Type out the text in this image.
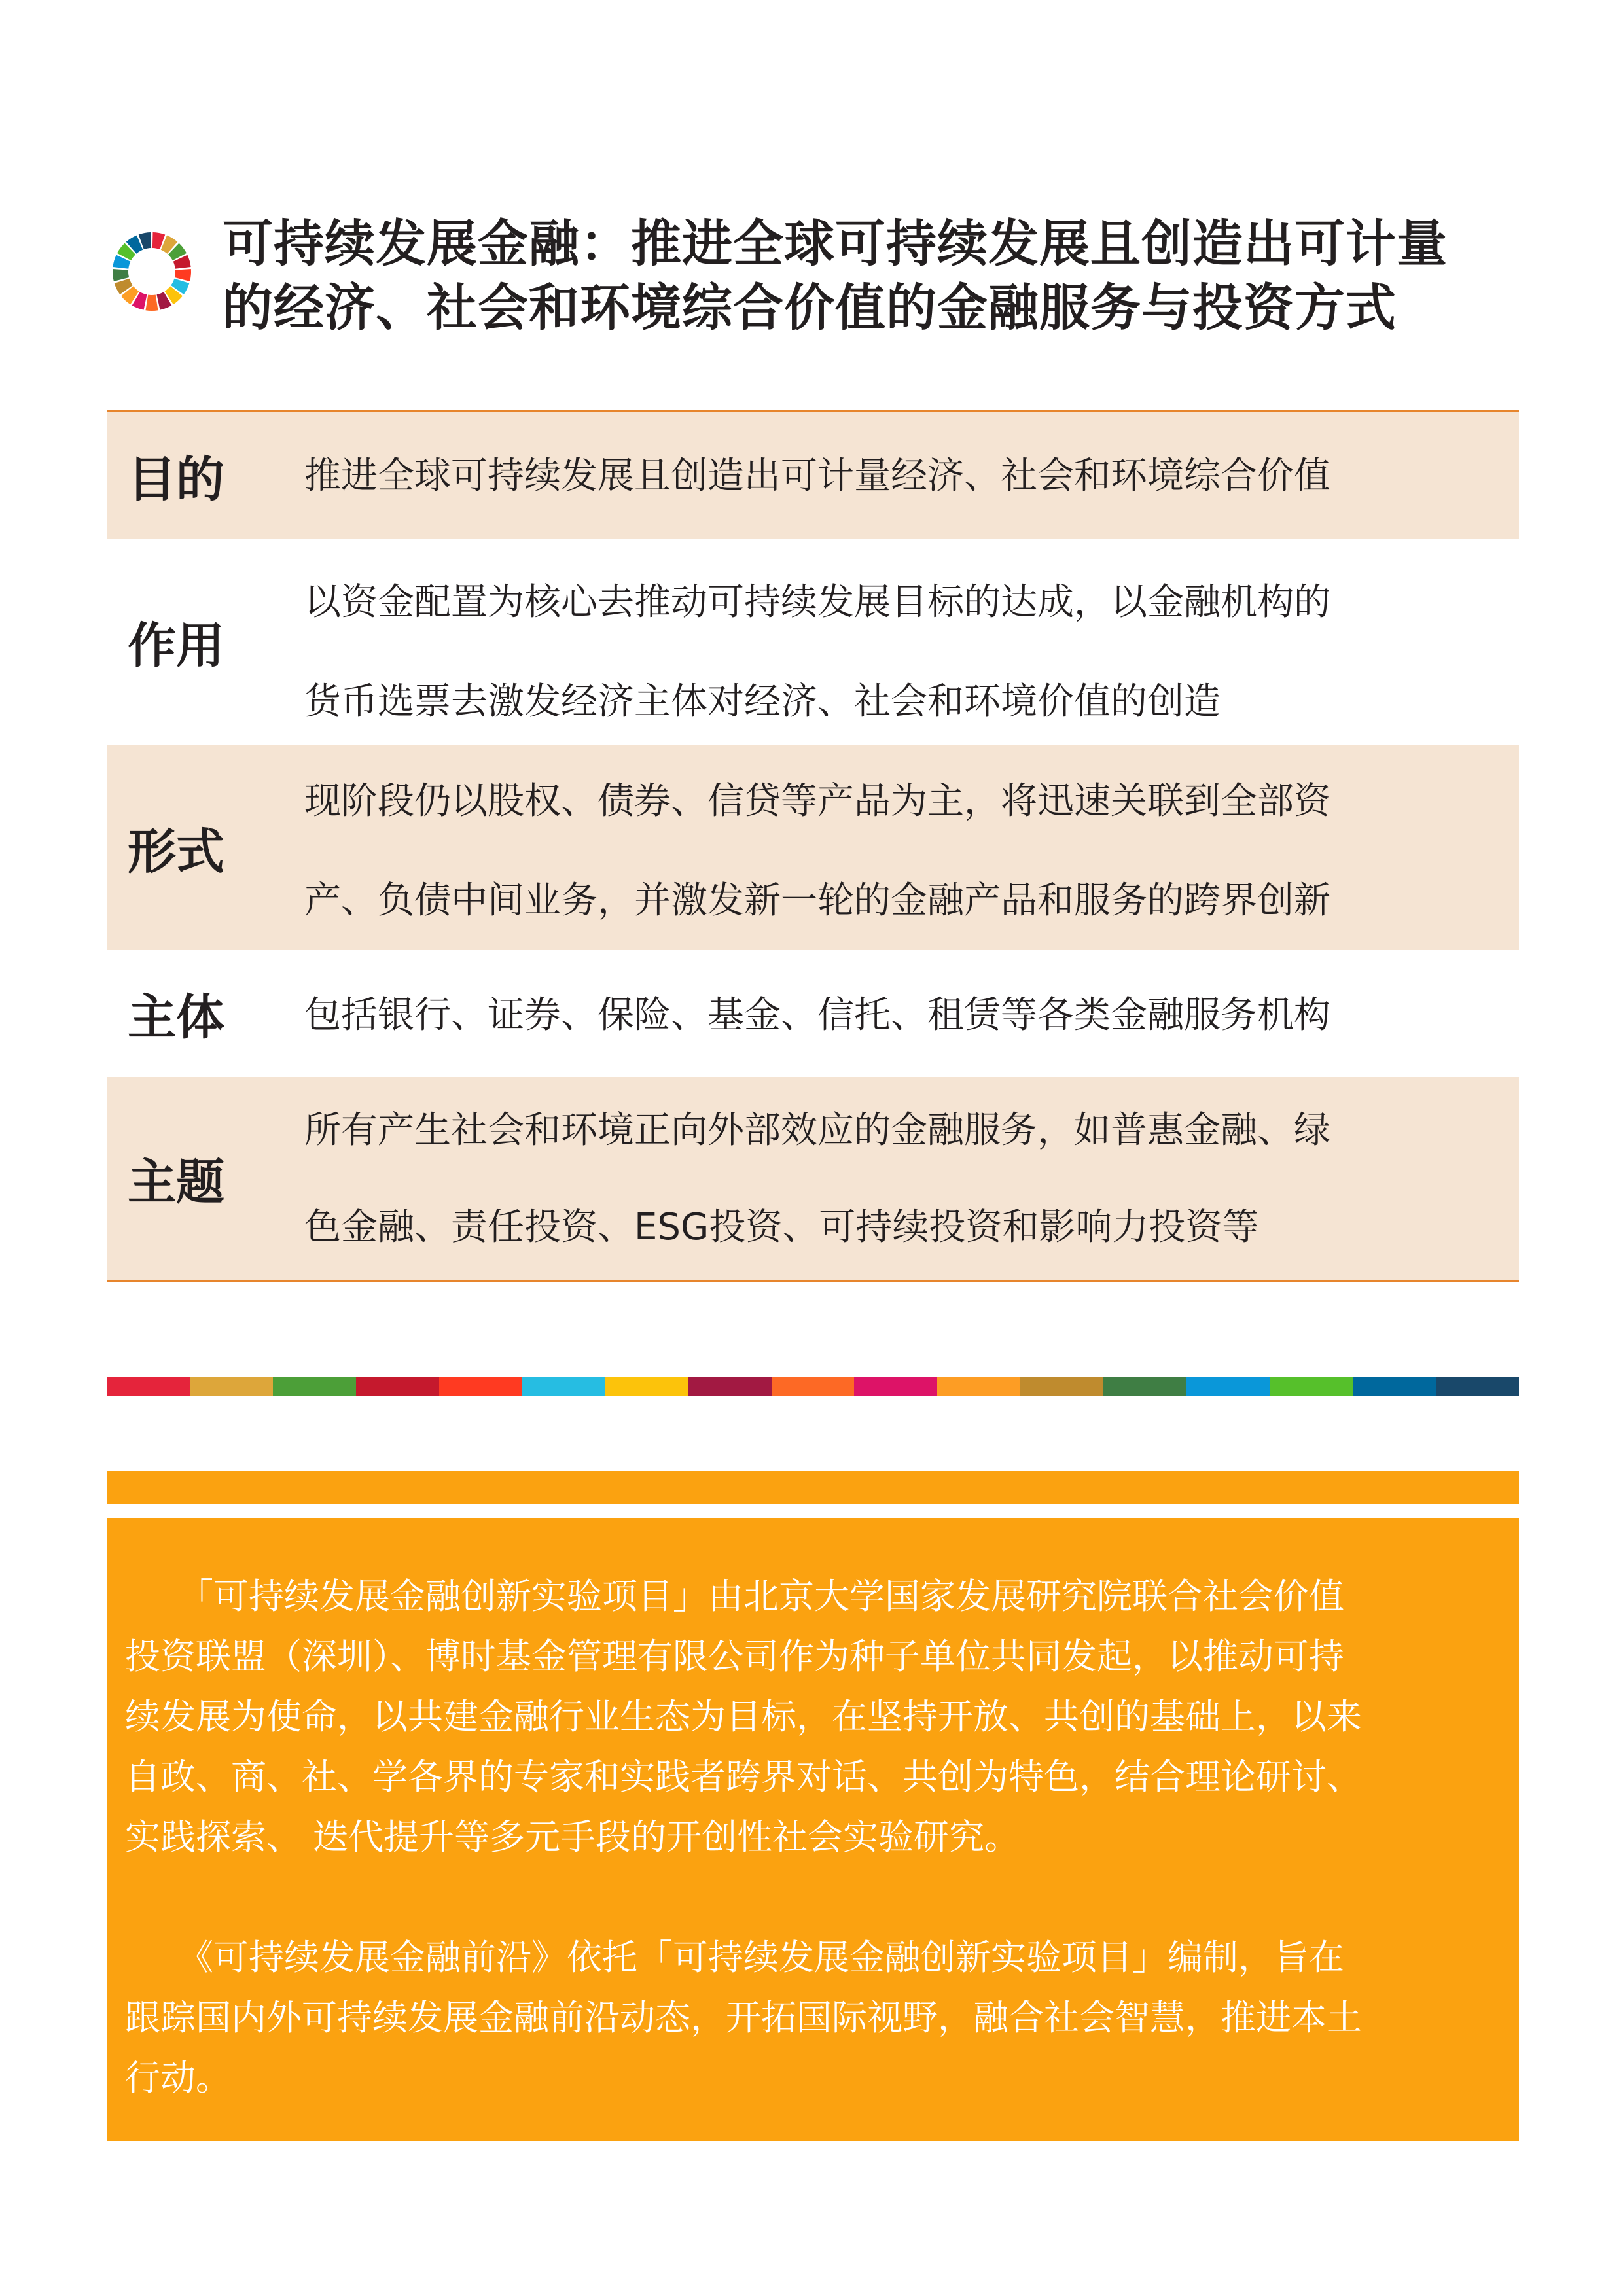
可持续发展金融：推进全球可持续发展且创造出可计量
的经济、社会和环境综合价值的金融服务与投资方式
目的 推进全球可持续发展且创造出可计量经济、社会和环境综合价值
作用
以资金配置为核心去推动可持续发展目标的达成，以金融机构的
货币选票去激发经济主体对经济、社会和环境价值的创造
形式
现阶段仍以股权、债券、信贷等产品为主，将迅速关联到全部资
产、负债中间业务，并激发新一轮的金融产品和服务的跨界创新
主体 包括银行、证券、保险、基金、信托、租赁等各类金融服务机构
主题
所有产生社会和环境正向外部效应的金融服务，如普惠金融、绿
色金融、责任投资、ESG投资、可持续投资和影响力投资等
　　「可持续发展金融创新实验项目」由北京大学国家发展研究院联合社会价值
投资联盟（深圳）、博时基金管理有限公司作为种子单位共同发起，以推动可持
续发展为使命，以共建金融行业生态为目标，在坚持开放、共创的基础上，以来
自政、商、社、学各界的专家和实践者跨界对话、共创为特色，结合理论研讨、
实践探索、 迭代提升等多元手段的开创性社会实验研究。
　　《可持续发展金融前沿》依托「可持续发展金融创新实验项目」编制，旨在
跟踪国内外可持续发展金融前沿动态，开拓国际视野，融合社会智慧，推进本土
行动。
